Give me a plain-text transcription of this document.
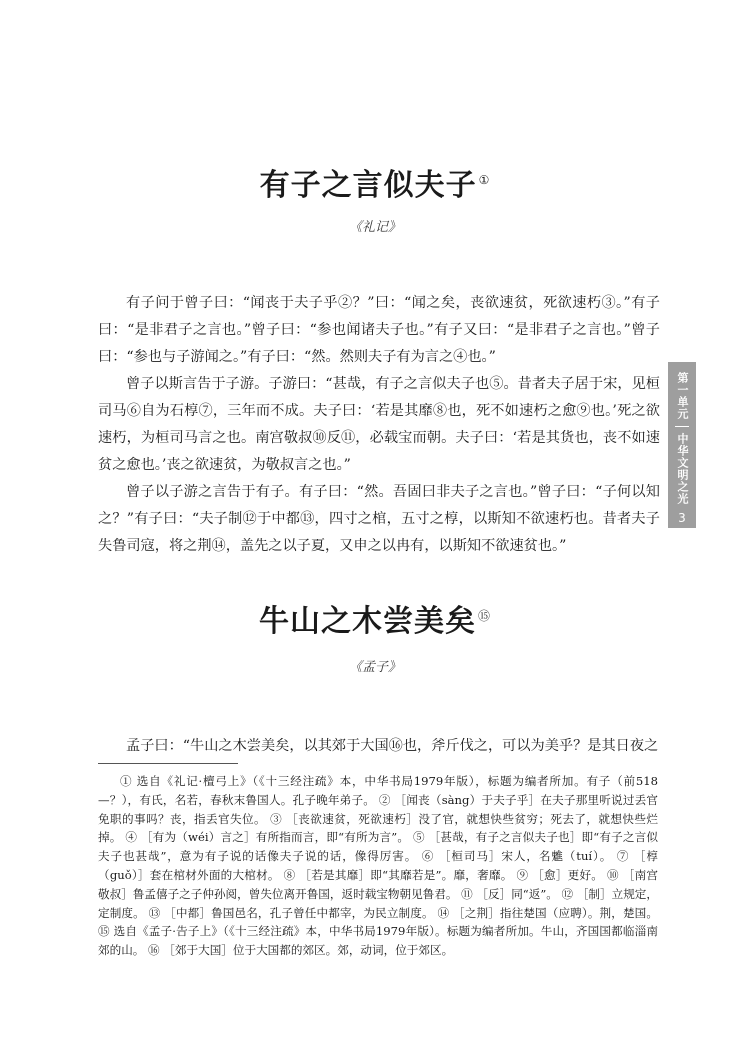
有子之言似夫子 ①
《礼记》

有子问于曾子曰：“闻丧于夫子乎②？”曰：“闻之矣，丧欲速贫，死欲速朽③。”有子曰：“是非君子之言也。”曾子曰：“参也闻诸夫子也。”有子又曰：“是非君子之言也。”曾子曰：“参也与子游闻之。”有子曰：“然。然则夫子有为言之④也。”

曾子以斯言告于子游。子游曰：“甚哉，有子之言似夫子也⑤。昔者夫子居于宋，见桓司马⑥自为石椁⑦，三年而不成。夫子曰：‘若是其靡⑧也，死不如速朽之愈⑨也。’死之欲速朽，为桓司马言之也。南宫敬叔⑩反⑪，必载宝而朝。夫子曰：‘若是其货也，丧不如速贫之愈也。’丧之欲速贫，为敬叔言之也。”

曾子以子游之言告于有子。有子曰：“然。吾固曰非夫子之言也。”曾子曰：“子何以知之？”有子曰：“夫子制⑫于中都⑬，四寸之棺，五寸之椁，以斯知不欲速朽也。昔者夫子失鲁司寇，将之荆⑭，盖先之以子夏，又申之以冉有，以斯知不欲速贫也。”

牛山之木尝美矣 ⑮
《孟子》

孟子曰：“牛山之木尝美矣，以其郊于大国⑯也，斧斤伐之，可以为美乎？是其日夜之

① 选自《礼记·檀弓上》（《十三经注疏》本，中华书局1979年版），标题为编者所加。有子（前518—？），有氏，名若，春秋末鲁国人。孔子晚年弟子。 ② ［闻丧（sàng）于夫子乎］在夫子那里听说过丢官免职的事吗？丧，指丢官失位。 ③ ［丧欲速贫，死欲速朽］没了官，就想快些贫穷；死去了，就想快些烂掉。 ④ ［有为（wéi）言之］有所指而言，即“有所为言”。 ⑤ ［甚哉，有子之言似夫子也］即“有子之言似夫子也甚哉”，意为有子说的话像夫子说的话，像得厉害。 ⑥ ［桓司马］宋人，名魋（tuí）。 ⑦ ［椁（guǒ）］套在棺材外面的大棺材。 ⑧ ［若是其靡］即“其靡若是”。靡，奢靡。 ⑨ ［愈］更好。 ⑩ ［南宫敬叔］鲁孟僖子之子仲孙阅，曾失位离开鲁国，返时载宝物朝见鲁君。 ⑪ ［反］同“返”。 ⑫ ［制］立规定，定制度。 ⑬ ［中都］鲁国邑名，孔子曾任中都宰，为民立制度。 ⑭ ［之荆］指往楚国（应聘）。荆，楚国。 ⑮ 选自《孟子·告子上》（《十三经注疏》本，中华书局1979年版）。标题为编者所加。牛山，齐国国都临淄南郊的山。 ⑯ ［郊于大国］位于大国都的郊区。郊，动词，位于郊区。

第一单元
中华文明之光
3
